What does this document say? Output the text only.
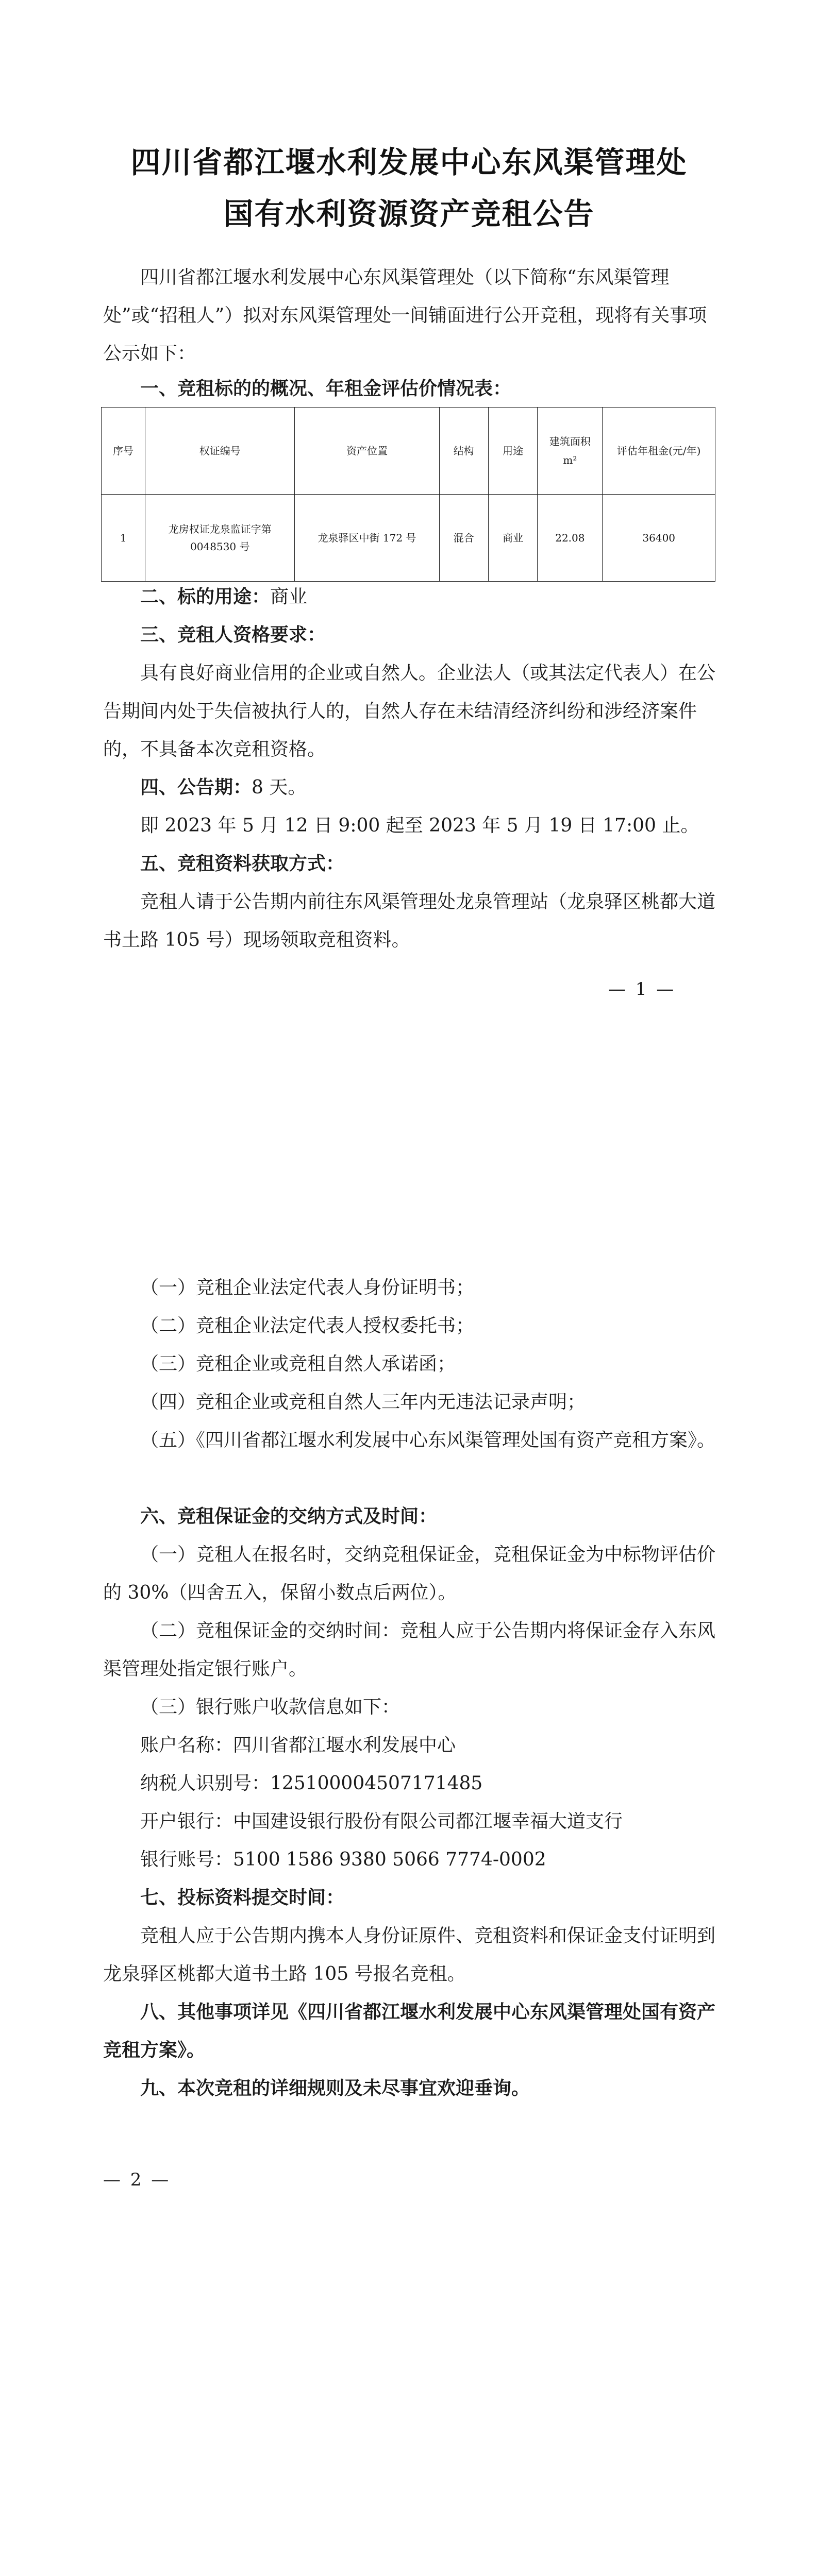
四川省都江堰水利发展中心东风渠管理处
国有水利资源资产竞租公告

四川省都江堰水利发展中心东风渠管理处（以下简称“东风渠管理处”或“招租人”）拟对东风渠管理处一间铺面进行公开竞租，现将有关事项公示如下：

一、竞租标的的概况、年租金评估价情况表：

序号	权证编号	资产位置	结构	用途	建筑面积 m²	评估年租金(元/年)
1	龙房权证龙泉监证字第 0048530 号	龙泉驿区中街 172 号	混合	商业	22.08	36400

二、标的用途：商业

三、竞租人资格要求：

具有良好商业信用的企业或自然人。企业法人（或其法定代表人）在公告期间内处于失信被执行人的，自然人存在未结清经济纠纷和涉经济案件的，不具备本次竞租资格。

四、公告期：8 天。

即 2023 年 5 月 12 日 9:00 起至 2023 年 5 月 19 日 17:00 止。

五、竞租资料获取方式：

竞租人请于公告期内前往东风渠管理处龙泉管理站（龙泉驿区桃都大道书土路 105 号）现场领取竞租资料。

— 1 —

（一）竞租企业法定代表人身份证明书；

（二）竞租企业法定代表人授权委托书；

（三）竞租企业或竞租自然人承诺函；

（四）竞租企业或竞租自然人三年内无违法记录声明；

（五）《四川省都江堰水利发展中心东风渠管理处国有资产竞租方案》。

六、竞租保证金的交纳方式及时间：

（一）竞租人在报名时，交纳竞租保证金，竞租保证金为中标物评估价的 30%（四舍五入，保留小数点后两位）。

（二）竞租保证金的交纳时间：竞租人应于公告期内将保证金存入东风渠管理处指定银行账户。

（三）银行账户收款信息如下：

账户名称：四川省都江堰水利发展中心

纳税人识别号：12510000450717148​5

开户银行：中国建设银行股份有限公司都江堰幸福大道支行

银行账号：5100 1586 9380 5066 7774-0002

七、投标资料提交时间：

竞租人应于公告期内携本人身份证原件、竞租资料和保证金支付证明到龙泉驿区桃都大道书土路 105 号报名竞租。

八、其他事项详见《四川省都江堰水利发展中心东风渠管理处国有资产竞租方案》。

九、本次竞租的详细规则及未尽事宜欢迎垂询。

— 2 —
